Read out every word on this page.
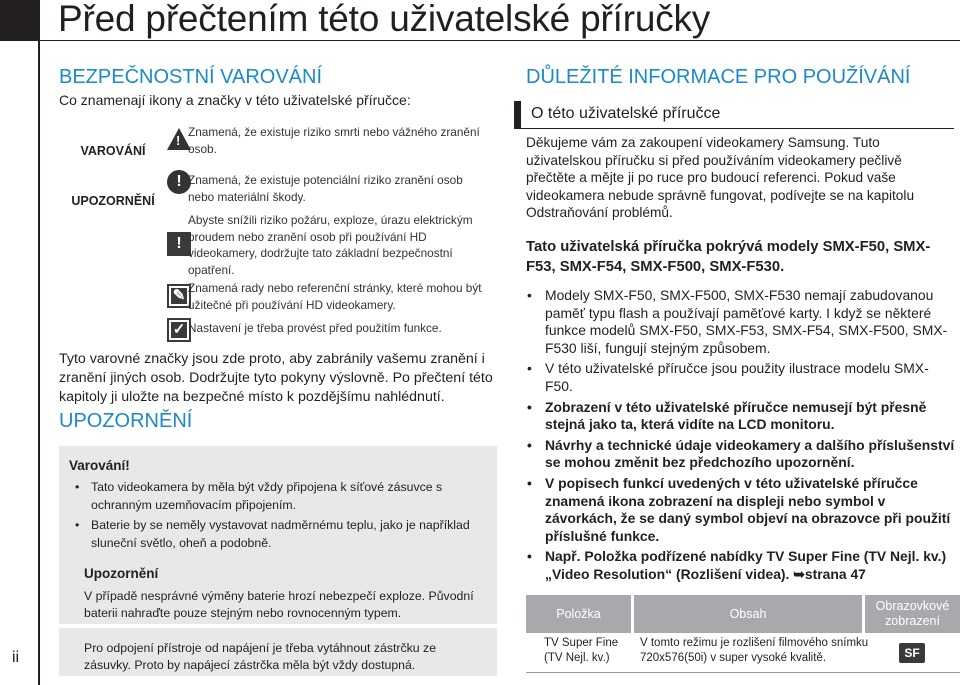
Před přečtením této uživatelské příručky
ii
BEZPEČNOSTNÍ VAROVÁNÍ
Co znamenají ikony a značky v této uživatelské příručce:
VAROVÁNÍ
!
Znamená, že existuje riziko smrti nebo vážného zranění osob.
UPOZORNĚNÍ
! Znamená, že existuje potenciální riziko zranění osob nebo materiální škody.
!
Abyste snížili riziko požáru, exploze, úrazu elektrickým proudem nebo zranění osob při používání HD videokamery, dodržujte tato základní bezpečnostní opatření.
✎ Znamená rady nebo referenční stránky, které mohou být užitečné při používání HD videokamery.
✓ Nastavení je třeba provést před použitím funkce.
Tyto varovné značky jsou zde proto, aby zabránily vašemu zranění i zranění jiných osob. Dodržujte tyto pokyny výslovně. Po přečtení této kapitoly ji uložte na bezpečné místo k pozdějšímu nahlédnutí.
UPOZORNĚNÍ
Varování!
• Tato videokamera by měla být vždy připojena k síťové zásuvce s ochranným uzemňovacím připojením.
• Baterie by se neměly vystavovat nadměrnému teplu, jako je například sluneční světlo, oheň a podobně.
Upozornění
V případě nesprávné výměny baterie hrozí nebezpečí exploze. Původní baterii nahraďte pouze stejným nebo rovnocenným typem.
Pro odpojení přístroje od napájení je třeba vytáhnout zástrčku ze zásuvky. Proto by napájecí zástrčka měla být vždy dostupná.
DŮLEŽITÉ INFORMACE PRO POUŽÍVÁNÍ
O této uživatelské příručce
Děkujeme vám za zakoupení videokamery Samsung. Tuto uživatelskou příručku si před používáním videokamery pečlivě přečtěte a mějte ji po ruce pro budoucí referenci. Pokud vaše videokamera nebude správně fungovat, podívejte se na kapitolu Odstraňování problémů.
Tato uživatelská příručka pokrývá modely SMX-F50, SMX-F53, SMX-F54, SMX-F500, SMX-F530.
• Modely SMX-F50, SMX-F500, SMX-F530 nemají zabudovanou paměť typu flash a používají paměťové karty. I když se některé funkce modelů SMX-F50, SMX-F53, SMX-F54, SMX-F500, SMX-F530 liší, fungují stejným způsobem.
• V této uživatelské příručce jsou použity ilustrace modelu SMX-F50.
• Zobrazení v této uživatelské příručce nemusejí být přesně stejná jako ta, která vidíte na LCD monitoru.
• Návrhy a technické údaje videokamery a dalšího příslušenství se mohou změnit bez předchozího upozornění.
• V popisech funkcí uvedených v této uživatelské příručce znamená ikona zobrazení na displeji nebo symbol v závorkách, že se daný symbol objeví na obrazovce při použití příslušné funkce.
• Např. Položka podřízené nabídky TV Super Fine (TV Nejl. kv.) „Video Resolution“ (Rozlišení videa). ➥strana 47
Položka	Obsah
Obrazovkové zobrazení
TV Super Fine (TV Nejl. kv.)
V tomto režimu je rozlišení filmového snímku 720x576(50i) v super vysoké kvalitě.	SF
